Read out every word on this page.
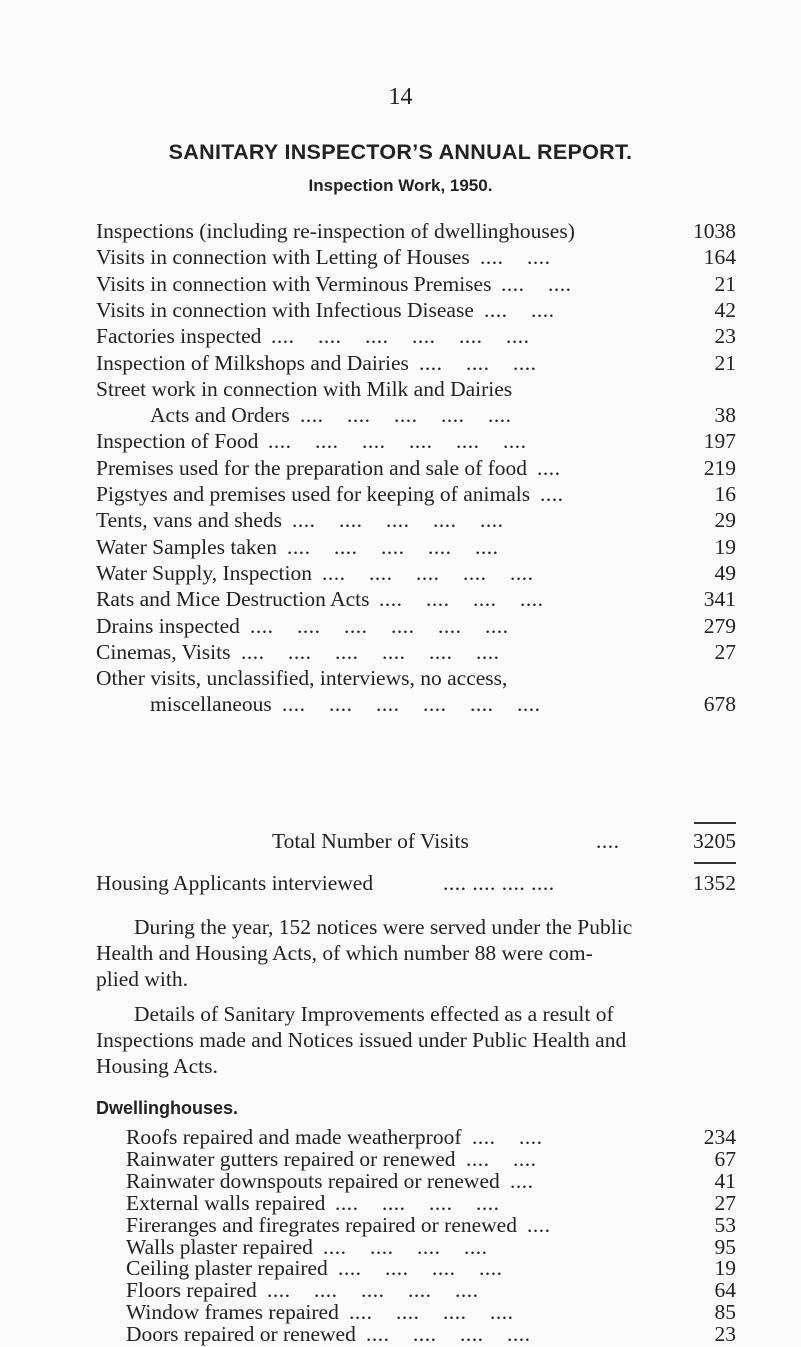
14
SANITARY INSPECTOR’S ANNUAL REPORT.
Inspection Work, 1950.
Inspections (including re-inspection of dwellinghouses)	1038
Visits in connection with Letting of Houses ....    ....	164
Visits in connection with Verminous Premises ....    ....	21
Visits in connection with Infectious Disease ....    ....	42
Factories inspected ....    ....    ....    ....    ....    ....	23
Inspection of Milkshops and Dairies ....    ....    ....	21
Street work in connection with Milk and Dairies
Acts and Orders ....    ....    ....    ....    ....	38
Inspection of Food ....    ....    ....    ....    ....    ....	197
Premises used for the preparation and sale of food ....	219
Pigstyes and premises used for keeping of animals ....	16
Tents, vans and sheds ....    ....    ....    ....    ....	29
Water Samples taken ....    ....    ....    ....    ....	19
Water Supply, Inspection ....    ....    ....    ....    ....	49
Rats and Mice Destruction Acts ....    ....    ....    ....	341
Drains inspected ....    ....    ....    ....    ....    ....	279
Cinemas, Visits ....    ....    ....    ....    ....    ....	27
Other visits, unclassified, interviews, no access,
miscellaneous ....    ....    ....    ....    ....    ....	678
Total Number of Visits	....	3205
Housing Applicants interviewed	.... .... .... ....	1352

During the year, 152 notices were served under the Public

Health and Housing Acts, of which number 88 were com-

plied with.

Details of Sanitary Improvements effected as a result of

Inspections made and Notices issued under Public Health and

Housing Acts.

Dwellinghouses.
Roofs repaired and made weatherproof ....    ....	234
Rainwater gutters repaired or renewed ....    ....	67
Rainwater downspouts repaired or renewed ....	41
External walls repaired ....    ....    ....    ....	27
Fireranges and firegrates repaired or renewed ....	53
Walls plaster repaired ....    ....    ....    ....	95
Ceiling plaster repaired ....    ....    ....    ....	19
Floors repaired ....    ....    ....    ....    ....	64
Window frames repaired ....    ....    ....    ....	85
Doors repaired or renewed ....    ....    ....    ....	23
